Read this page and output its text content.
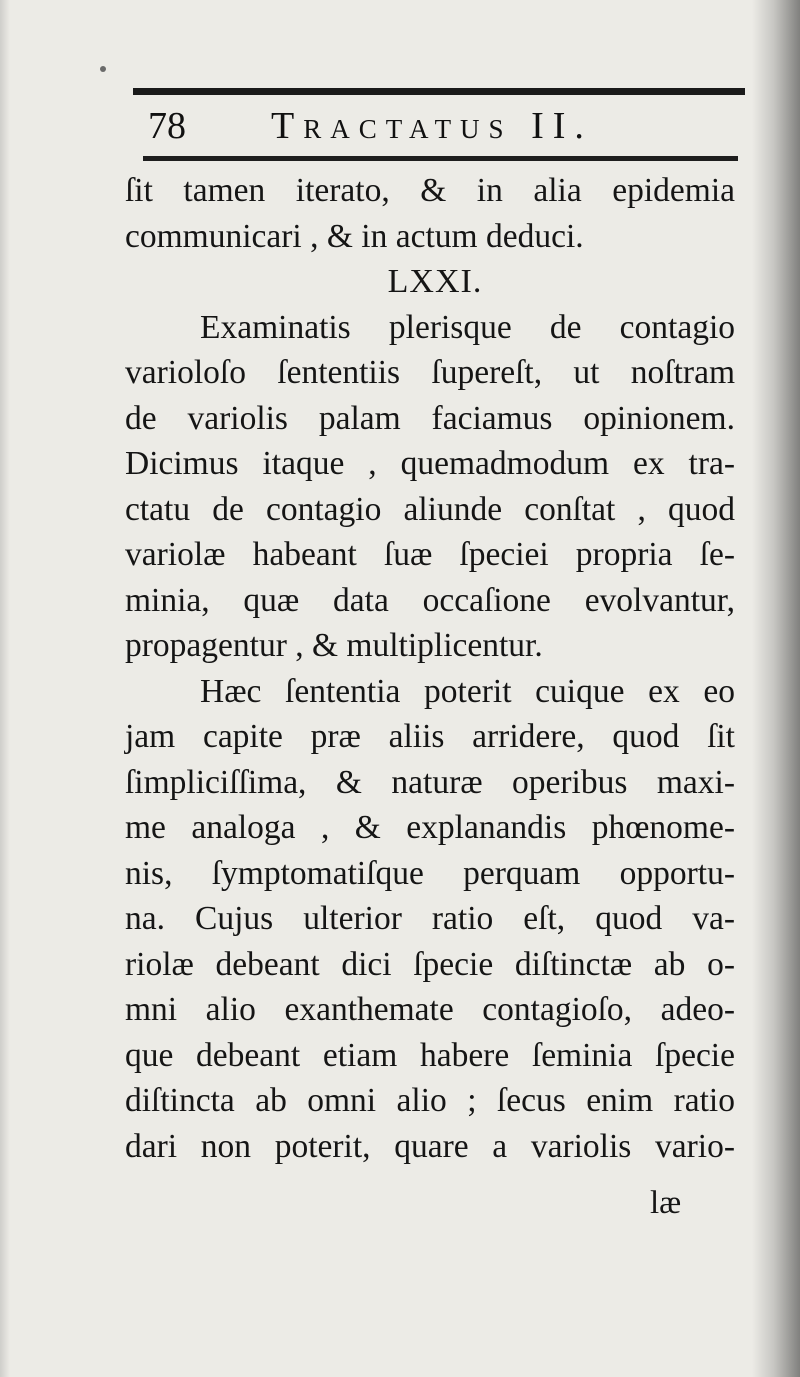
78 Tractatus II.
ſit tamen iterato, & in alia epidemia
communicari , & in actum deduci.
LXXI.
Examinatis plerisque de contagio
varioloſo ſententiis ſupereſt, ut noſtram
de variolis palam faciamus opinionem.
Dicimus itaque , quemadmodum ex tra-
ctatu de contagio aliunde conſtat , quod
variolæ habeant ſuæ ſpeciei propria ſe-
minia, quæ data occaſione evolvantur,
propagentur , & multiplicentur.
Hæc ſententia poterit cuique ex eo
jam capite præ aliis arridere, quod ſit
ſimpliciſſima, & naturæ operibus maxi-
me analoga , & explanandis phœnome-
nis, ſymptomatiſque perquam opportu-
na. Cujus ulterior ratio eſt, quod va-
riolæ debeant dici ſpecie diſtinctæ ab o-
mni alio exanthemate contagioſo, adeo-
que debeant etiam habere ſeminia ſpecie
diſtincta ab omni alio ; ſecus enim ratio
dari non poterit, quare a variolis vario-
læ
